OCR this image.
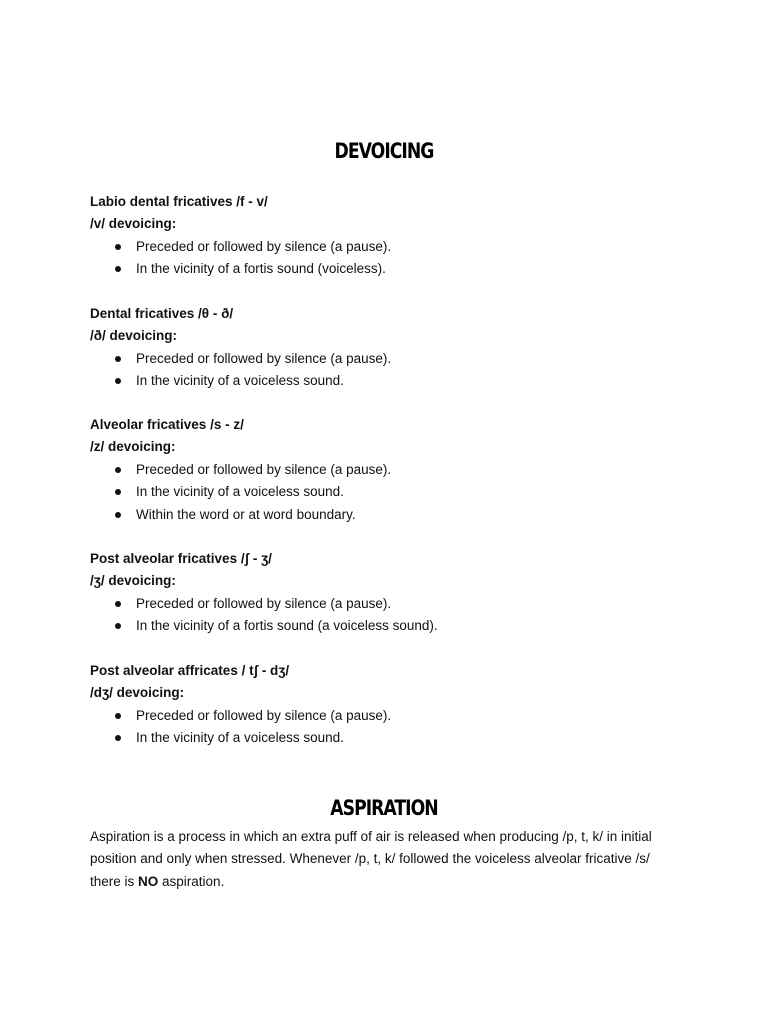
DEVOICING
Labio dental fricatives /f - v/
/v/ devoicing:
Preceded or followed by silence (a pause).
In the vicinity of a fortis sound (voiceless).
Dental fricatives /θ - ð/
/ð/ devoicing:
Preceded or followed by silence (a pause).
In the vicinity of a voiceless sound.
Alveolar fricatives /s - z/
/z/ devoicing:
Preceded or followed by silence (a pause).
In the vicinity of a voiceless sound.
Within the word or at word boundary.
Post alveolar fricatives /ʃ - ʒ/
/ʒ/ devoicing:
Preceded or followed by silence (a pause).
In the vicinity of a fortis sound (a voiceless sound).
Post alveolar affricates / tʃ - dʒ/
/dʒ/ devoicing:
Preceded or followed by silence (a pause).
In the vicinity of a voiceless sound.
ASPIRATION
Aspiration is a process in which an extra puff of air is released when producing /p, t, k/ in initial
position and only when stressed. Whenever /p, t, k/ followed the voiceless alveolar fricative /s/
there is NO aspiration.
